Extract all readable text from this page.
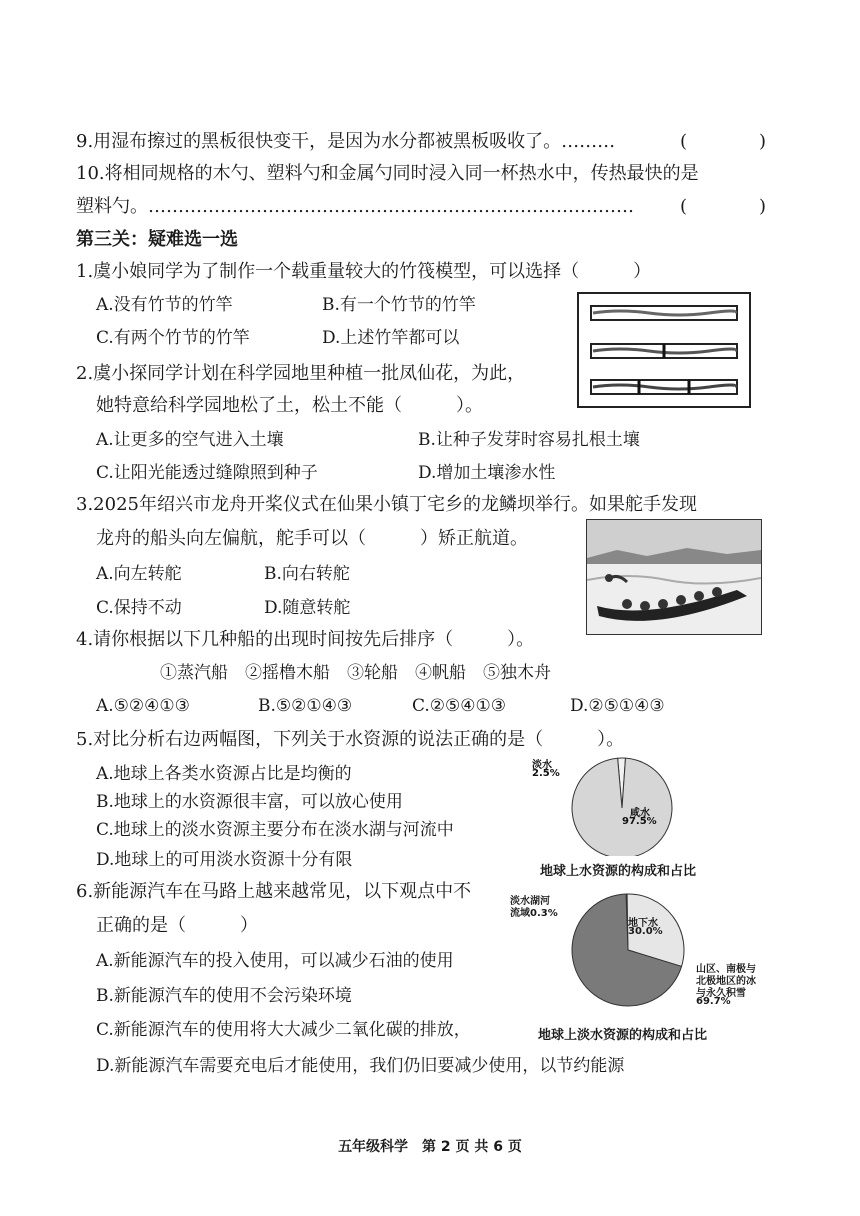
9.用湿布擦过的黑板很快变干，是因为水分都被黑板吸收了。………	(　　　　)
10.将相同规格的木勺、塑料勺和金属勺同时浸入同一杯热水中，传热最快的是
塑料勺。………………………………………………………………………	(　　　　)
第三关：疑难选一选
1.虞小娘同学为了制作一个载重量较大的竹筏模型，可以选择（　　　）
A.没有竹节的竹竿	B.有一个竹节的竹竿
C.有两个竹节的竹竿	D.上述竹竿都可以
2.虞小探同学计划在科学园地里种植一批凤仙花，为此，
她特意给科学园地松了土，松土不能（　　　）。
A.让更多的空气进入土壤	B.让种子发芽时容易扎根土壤
C.让阳光能透过缝隙照到种子	D.增加土壤渗水性
3.2025年绍兴市龙舟开桨仪式在仙果小镇丁宅乡的龙鳞坝举行。如果舵手发现
龙舟的船头向左偏航，舵手可以（　　　）矫正航道。
A.向左转舵	B.向右转舵
C.保持不动	D.随意转舵
4.请你根据以下几种船的出现时间按先后排序（　　　）。
①蒸汽船　②摇橹木船　③轮船　④帆船　⑤独木舟
A.⑤②④①③	B.⑤②①④③	C.②⑤④①③	D.②⑤①④③
5.对比分析右边两幅图，下列关于水资源的说法正确的是（　　　）。
A.地球上各类水资源占比是均衡的
B.地球上的水资源很丰富，可以放心使用
C.地球上的淡水资源主要分布在淡水湖与河流中
D.地球上的可用淡水资源十分有限
淡水
2.5%
咸水
97.5%
地球上水资源的构成和占比
6.新能源汽车在马路上越来越常见，以下观点中不
正确的是（　　　）
A.新能源汽车的投入使用，可以减少石油的使用
B.新能源汽车的使用不会污染环境
C.新能源汽车的使用将大大减少二氧化碳的排放，
D.新能源汽车需要充电后才能使用，我们仍旧要减少使用，以节约能源
淡水湖河
流域0.3%
地下水
30.0%
山区、南极与
北极地区的冰
与永久积雪
69.7%
地球上淡水资源的构成和占比
五年级科学　第 2 页 共 6 页
